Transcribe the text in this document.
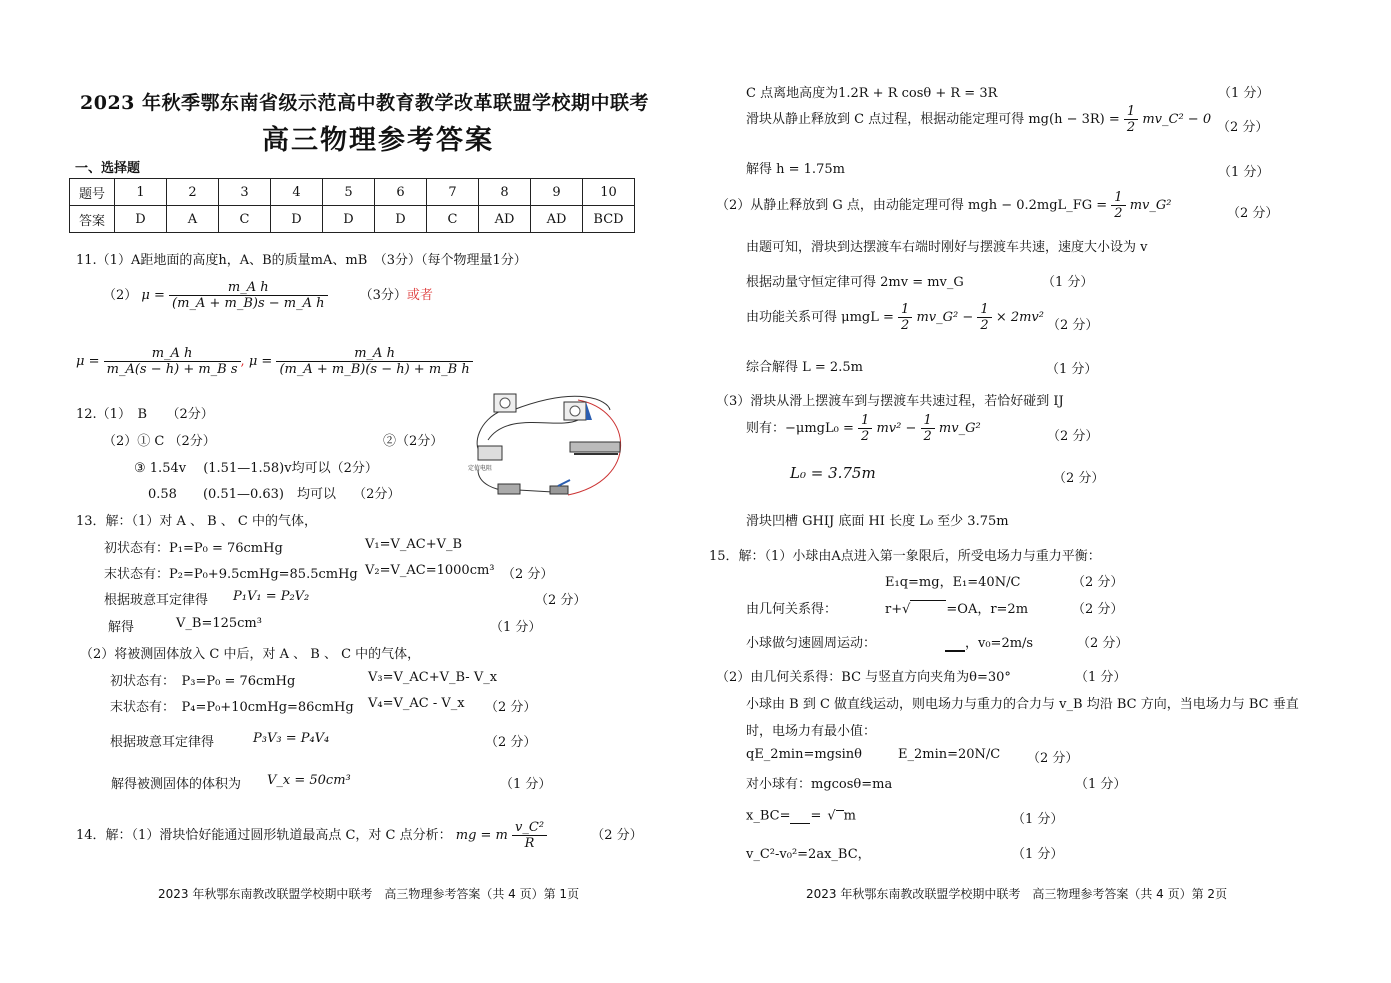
2023 年秋季鄂东南省级示范高中教育教学改革联盟学校期中联考
高三物理参考答案
一、选择题
题号	1	2	3	4	5	6	7	8	9	10
答案	D	A	C	D	D	D	C	AD	AD	BCD
11.（1）A距地面的高度h，A、B的质量mA、mB　（3分）（每个物理量1分）
（2） $\mu = \frac{\text{m\_A h}}{\text{(m\_A + m\_B)s − m\_A h}} (3$分）或者
$\mu = \frac{\text{m\_A h}}{\text{m\_A(s − h) + m\_B s}}$ , $\mu = \frac{\text{m\_A h}}{\text{(m\_A + m\_B)(s − h) + m\_B h}}$
12.（1）　B　　（2分）
（2）① C （2分）	②（2分）
③ 1.54v　 (1.51—1.58)v均可以（2分）
0.58　　(0.51—0.63)　均可以　 （2分）
定值电阻
13．解：（1）对 A 、 B 、 C 中的气体，
初状态有：P₁=P₀ = 76cmHg	V₁=V_AC+V_B
末状态有：P₂=P₀+9.5cmHg=85.5cmHg V₂=V_AC=1000cm³ （2 分）
根据玻意耳定律得 P₁V₁ = P₂V₂	（2 分）
解得	V_B=125cm³	（1 分）
（2）将被测固体放入 C 中后，对 A 、 B 、 C 中的气体，
初状态有：　P₃=P₀ = 76cmHg	V₃=V_AC+V_B- V_x
末状态有：　P₄=P₀+10cmHg=86cmHg V₄=V_AC - V_x （2 分）
根据玻意耳定律得	P₃V₃ = P₄V₄	（2 分）
解得被测固体的体积为 V_x = 50cm³	（1 分）
14．解：（1）滑块恰好能通过圆形轨道最高点 C，对 C 点分析： mg = m $\frac{\text{v\_C²}}{R}$	（2 分）
2023 年秋鄂东南教改联盟学校期中联考　高三物理参考答案（共 4 页）第 1页
C 点离地高度为1.2R + R cosθ + R = 3R	（1 分）
滑块从静止释放到 C 点过程，根据动能定理可得 $mg(h - 3R) = \frac{1}{2}$ mv_C² − 0
（2 分）
解得 h = 1.75m	（1 分）
（2）从静止释放到 G 点，由动能定理可得 mgh − 0.2mgL_FG = $\frac{1}{2}$ mv_G²
（2 分）
由题可知，滑块到达摆渡车右端时刚好与摆渡车共速，速度大小设为 v
根据动量守恒定律可得 2mv = mv_G	（1 分）
由功能关系可得 $\mu mgL = \frac{1}{2}$ mv_G² − $\frac{1}{2} \times 2mv^2$
（2 分）
综合解得 L = 2.5m	（1 分）
（3）滑块从滑上摆渡车到与摆渡车共速过程，若恰好碰到 IJ
则有：$-\mu mgL_0 = \frac{1}{2} mv^2 - \frac{1}{2}$ mv_G²
（2 分）
L₀ = 3.75m	（2 分）
滑块凹槽 GHIJ 底面 HI 长度 L₀ 至少 3.75m
15．解：（1）小球由A点进入第一象限后，所受电场力与重力平衡：
E₁q=mg，E₁=40N/C	（2 分）
由几何关系得：	r+√	=OA，r=2m	（2 分）
小球做匀速圆周运动：	，v₀=2m/s	（2 分）
（2）由几何关系得：BC 与竖直方向夹角为θ=30°	（1 分）
小球由 B 到 C 做直线运动，则电场力与重力的合力与 v_B 均沿 BC 方向，当电场力与 BC 垂直
时，电场力有最小值：
qE_2min=mgsinθ	E_2min=20N/C （2 分）
对小球有：mgcosθ=ma	（1 分）
x_BC= = √ m	（1 分）
v_C²-v₀²=2ax_BC，	（1 分）
2023 年秋鄂东南教改联盟学校期中联考　高三物理参考答案（共 4 页）第 2页
